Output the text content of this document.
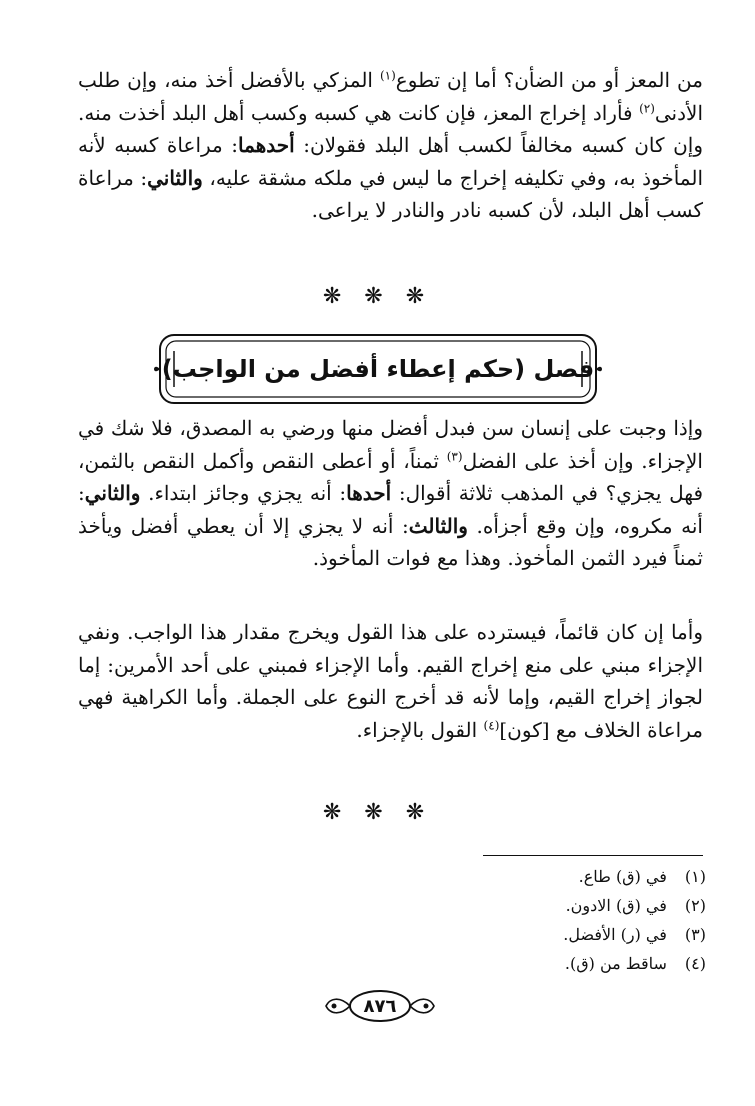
من المعز أو من الضأن؟ أما إن تطوع$^{(١)}$ المزكي بالأفضل أخذ منه، وإن طلب الأدنى$^{(٢)}$ فأراد إخراج المعز، فإن كانت هي كسبه وكسب أهل البلد أخذت منه. وإن كان كسبه مخالفاً لكسب أهل البلد فقولان: أحدهما: مراعاة كسبه لأنه المأخوذ به، وفي تكليفه إخراج ما ليس في ملكه مشقة عليه، والثاني: مراعاة كسب أهل البلد، لأن كسبه نادر والنادر لا يراعى.

❋ ❋ ❋
فصل (حكم إعطاء أفضل من الواجب)

وإذا وجبت على إنسان سن فبدل أفضل منها ورضي به المصدق، فلا شك في الإجزاء. وإن أخذ على الفضل$^{(٣)}$ ثمناً، أو أعطى النقص وأكمل النقص بالثمن، فهل يجزي؟ في المذهب ثلاثة أقوال: أحدها: أنه يجزي وجائز ابتداء. والثاني: أنه مكروه، وإن وقع أجزأه. والثالث: أنه لا يجزي إلا أن يعطي أفضل ويأخذ ثمناً فيرد الثمن المأخوذ. وهذا مع فوات المأخوذ.

وأما إن كان قائماً، فيسترده على هذا القول ويخرج مقدار هذا الواجب. ونفي الإجزاء مبني على منع إخراج القيم. وأما الإجزاء فمبني على أحد الأمرين: إما لجواز إخراج القيم، وإما لأنه قد أخرج النوع على الجملة. وأما الكراهية فهي مراعاة الخلاف مع [كون]$^{(٤)}$ القول بالإجزاء.

❋ ❋ ❋

(١) في (ق) طاع.

(٢) في (ق) الادون.

(٣) في (ر) الأفضل.

(٤) ساقط من (ق).

٨٧٦
